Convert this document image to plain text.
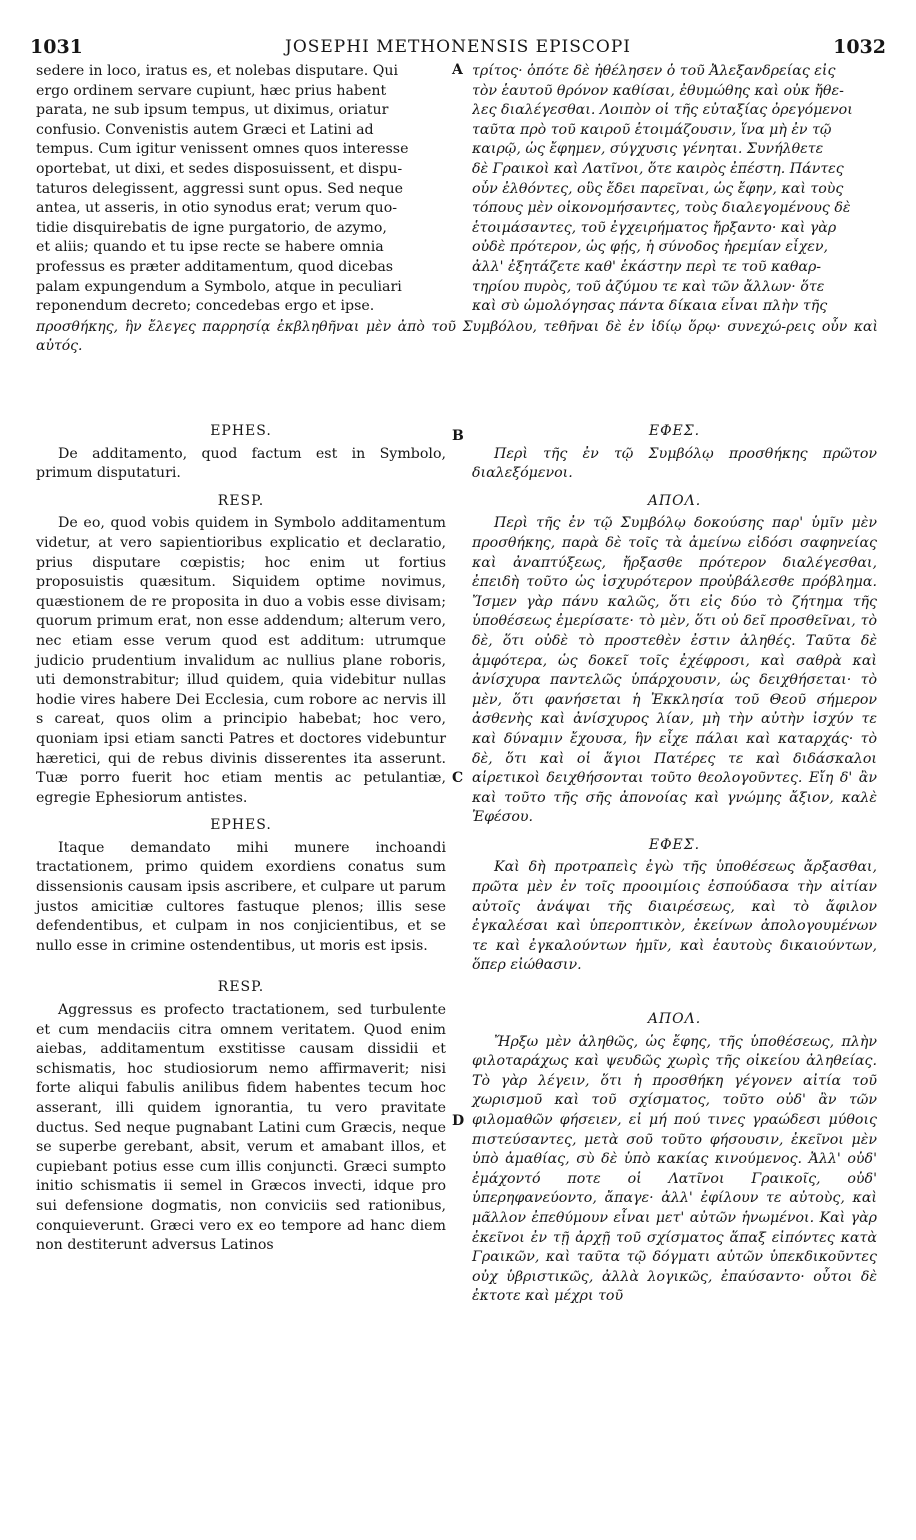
1031	JOSEPHI METHONENSIS EPISCOPI	1032
sedere in loco, iratus es, et nolebas disputare. Qui
ergo ordinem servare cupiunt, hæc prius habent
parata, ne sub ipsum tempus, ut diximus, oriatur
confusio. Convenistis autem Græci et Latini ad
tempus. Cum igitur venissent omnes quos interesse
oportebat, ut dixi, et sedes disposuissent, et dispu-
taturos delegissent, aggressi sunt opus. Sed neque
antea, ut asseris, in otio synodus erat; verum quo-
tidie disquirebatis de igne purgatorio, de azymo,
et aliis; quando et tu ipse recte se habere omnia
professus es præter additamentum, quod dicebas
palam expungendum a Symbolo, atque in peculiari
reponendum decreto; concedebas ergo et ipse.
τρίτος· ὁπότε δὲ ἠθέλησεν ὁ τοῦ Ἀλεξανδρείας εἰς
τὸν ἑαυτοῦ θρόνον καθίσαι, ἐθυμώθης καὶ οὐκ ἤθε-
λες διαλέγεσθαι. Λοιπὸν οἱ τῆς εὐταξίας ὀρεγόμενοι
ταῦτα πρὸ τοῦ καιροῦ ἑτοιμάζουσιν, ἵνα μὴ ἐν τῷ
καιρῷ, ὡς ἔφημεν, σύγχυσις γένηται. Συνήλθετε
δὲ Γραικοὶ καὶ Λατῖνοι, ὅτε καιρὸς ἐπέστη. Πάντες
οὖν ἐλθόντες, οὓς ἔδει παρεῖναι, ὡς ἔφην, καὶ τοὺς
τόπους μὲν οἰκονομήσαντες, τοὺς διαλεγομένους δὲ
ἑτοιμάσαντες, τοῦ ἐγχειρήματος ἤρξαντο· καὶ γὰρ
οὐδὲ πρότερον, ὡς φῄς, ἡ σύνοδος ἠρεμίαν εἶχεν,
ἀλλ' ἐξητάζετε καθ' ἑκάστην περὶ τε τοῦ καθαρ-
τηρίου πυρὸς, τοῦ ἀζύμου τε καὶ τῶν ἄλλων· ὅτε
καὶ σὺ ὡμολόγησας πάντα δίκαια εἶναι πλὴν τῆς
A
προσθήκης, ἣν ἔλεγες παρρησίᾳ ἐκβληθῆναι μὲν ἀπὸ τοῦ Συμβόλου, τεθῆναι δὲ ἐν ἰδίῳ ὅρῳ· συνεχώ-ρεις οὖν καὶ αὐτός.
B
EPHES.

De additamento, quod factum est in Symbolo, primum disputaturi.

RESP.

De eo, quod vobis quidem in Symbolo additamentum videtur, at vero sapientioribus explicatio et declaratio, prius disputare cœpistis; hoc enim ut fortius proposuistis quæsitum. Siquidem optime novimus, quæstionem de re proposita in duo a vobis esse divisam; quorum primum erat, non esse addendum; alterum vero, nec etiam esse verum quod est additum: utrumque judicio prudentium invalidum ac nullius plane roboris, uti demonstrabitur; illud quidem, quia videbitur nullas hodie vires habere Dei Ecclesia, cum robore ac nervis ill s careat, quos olim a principio habebat; hoc vero, quoniam ipsi etiam sancti Patres et doctores videbuntur hæretici, qui de rebus divinis disserentes ita asserunt. Tuæ porro fuerit hoc etiam mentis ac petulantiæ, egregie Ephesiorum antistes.

EPHES.

Itaque demandato mihi munere inchoandi tractationem, primo quidem exordiens conatus sum dissensionis causam ipsis ascribere, et culpare ut parum justos amicitiæ cultores fastuque plenos; illis sese defendentibus, et culpam in nos conjicientibus, et se nullo esse in crimine ostendentibus, ut moris est ipsis.

RESP.

Aggressus es profecto tractationem, sed turbulente et cum mendaciis citra omnem veritatem. Quod enim aiebas, additamentum exstitisse causam dissidii et schismatis, hoc studiosiorum nemo affirmaverit; nisi forte aliqui fabulis anilibus fidem habentes tecum hoc asserant, illi quidem ignorantia, tu vero pravitate ductus. Sed neque pugnabant Latini cum Græcis, neque se superbe gerebant, absit, verum et amabant illos, et cupiebant potius esse cum illis conjuncti. Græci sumpto initio schismatis ii semel in Græcos invecti, idque pro sui defensione dogmatis, non conviciis sed rationibus, conquieverunt. Græci vero ex eo tempore ad hanc diem non destiterunt adversus Latinos

ΕΦΕΣ.

Περὶ τῆς ἐν τῷ Συμβόλῳ προσθήκης πρῶτον διαλεξόμενοι.

ΑΠΟΛ.

Περὶ τῆς ἐν τῷ Συμβόλῳ δοκούσης παρ' ὑμῖν μὲν προσθήκης, παρὰ δὲ τοῖς τὰ ἀμείνω εἰδόσι σαφηνείας καὶ ἀναπτύξεως, ἤρξασθε πρότερον διαλέγεσθαι, ἐπειδὴ τοῦτο ὡς ἰσχυρότερον προὐβάλεσθε πρόβλημα. Ἴσμεν γὰρ πάνυ καλῶς, ὅτι εἰς δύο τὸ ζήτημα τῆς ὑποθέσεως ἐμερίσατε· τὸ μὲν, ὅτι οὐ δεῖ προσθεῖναι, τὸ δὲ, ὅτι οὐδὲ τὸ προστεθὲν ἐστιν ἀληθές. Ταῦτα δὲ ἀμφότερα, ὡς δοκεῖ τοῖς ἐχέφροσι, καὶ σαθρὰ καὶ ἀνίσχυρα παντελῶς ὑπάρχουσιν, ὡς δειχθήσεται· τὸ μὲν, ὅτι φανήσεται ἡ Ἐκκλησία τοῦ Θεοῦ σήμερον ἀσθενὴς καὶ ἀνίσχυρος λίαν, μὴ τὴν αὐτὴν ἰσχύν τε καὶ δύναμιν ἔχουσα, ἣν εἶχε πάλαι καὶ καταρχάς· τὸ δὲ, ὅτι καὶ οἱ ἅγιοι Πατέρες τε καὶ διδάσκαλοι αἱρετικοὶ δειχθήσονται τοῦτο θεολογοῦντες. Εἴη δ' ἂν καὶ τοῦτο τῆς σῆς ἀπονοίας καὶ γνώμης ἄξιον, καλὲ Ἐφέσου.

ΕΦΕΣ.

Καὶ δὴ προτραπεὶς ἐγὼ τῆς ὑποθέσεως ἄρξασθαι, πρῶτα μὲν ἐν τοῖς προοιμίοις ἐσπούδασα τὴν αἰτίαν αὐτοῖς ἀνάψαι τῆς διαιρέσεως, καὶ τὸ ἄφιλον ἐγκαλέσαι καὶ ὑπεροπτικὸν, ἐκείνων ἀπολογουμένων τε καὶ ἐγκαλούντων ἡμῖν, καὶ ἑαυτοὺς δικαιούντων, ὅπερ εἰώθασιν.

ΑΠΟΛ.

Ἤρξω μὲν ἀληθῶς, ὡς ἔφης, τῆς ὑποθέσεως, πλὴν φιλοταράχως καὶ ψευδῶς χωρὶς τῆς οἰκείου ἀληθείας. Τὸ γὰρ λέγειν, ὅτι ἡ προσθήκη γέγονεν αἰτία τοῦ χωρισμοῦ καὶ τοῦ σχίσματος, τοῦτο οὐδ' ἂν τῶν φιλομαθῶν φήσειεν, εἰ μή πού τινες γραώδεσι μύθοις πιστεύσαντες, μετὰ σοῦ τοῦτο φήσουσιν, ἐκεῖνοι μὲν ὑπὸ ἀμαθίας, σὺ δὲ ὑπὸ κακίας κινούμενος. Ἀλλ' οὐδ' ἐμάχοντό ποτε οἱ Λατῖνοι Γραικοῖς, οὐδ' ὑπερηφανεύοντο, ἄπαγε· ἀλλ' ἐφίλουν τε αὐτοὺς, καὶ μᾶλλον ἐπεθύμουν εἶναι μετ' αὐτῶν ἡνωμένοι. Καὶ γὰρ ἐκεῖνοι ἐν τῇ ἀρχῇ τοῦ σχίσματος ἅπαξ εἰπόντες κατὰ Γραικῶν, καὶ ταῦτα τῷ δόγματι αὐτῶν ὑπεκδικοῦντες οὐχ ὑβριστικῶς, ἀλλὰ λογικῶς, ἐπαύσαντο· οὗτοι δὲ ἐκτοτε καὶ μέχρι τοῦ

C
D
